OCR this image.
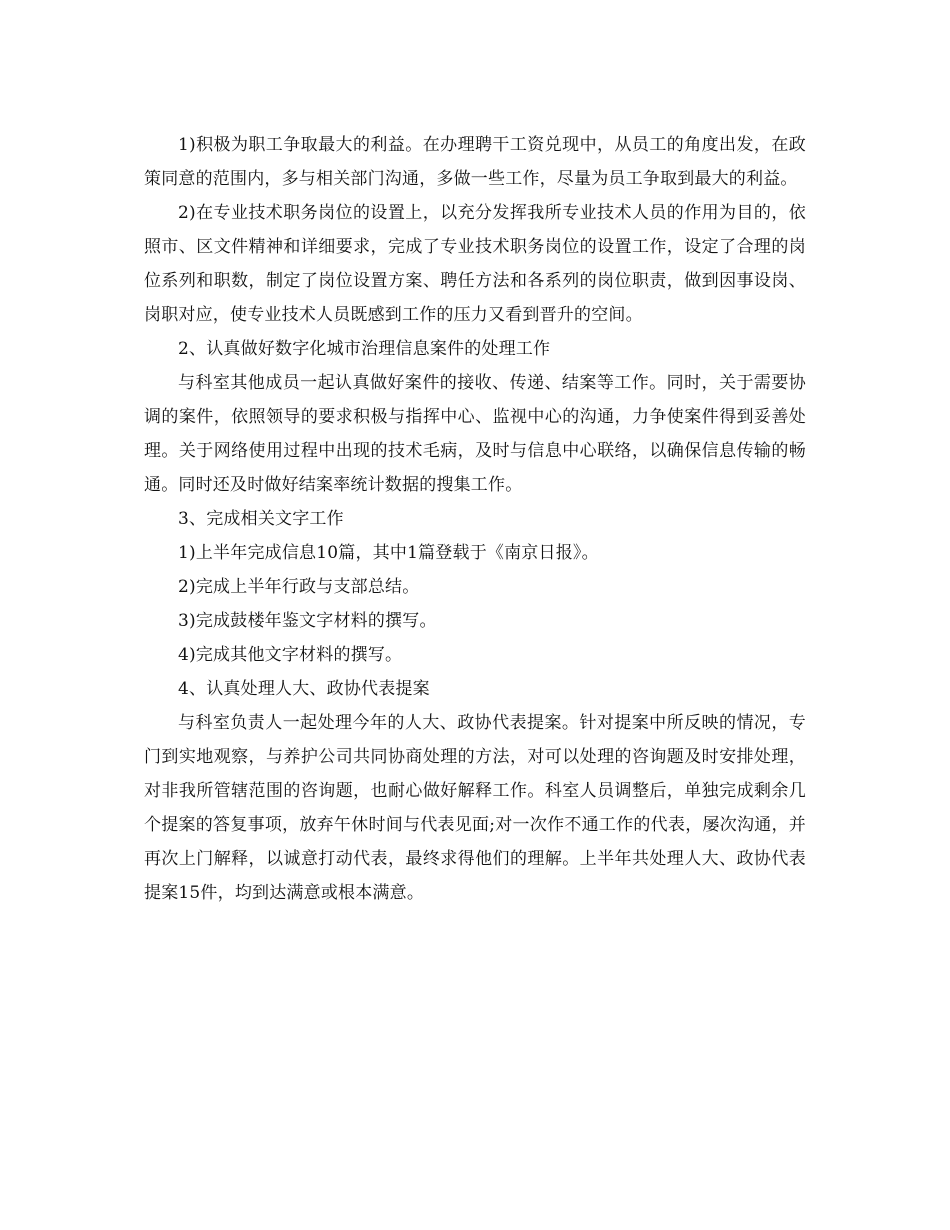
1)积极为职工争取最大的利益。在办理聘干工资兑现中，从员工的角度出发，在政策同意的范围内，多与相关部门沟通，多做一些工作，尽量为员工争取到最大的利益。

2)在专业技术职务岗位的设置上，以充分发挥我所专业技术人员的作用为目的，依照市、区文件精神和详细要求，完成了专业技术职务岗位的设置工作，设定了合理的岗位系列和职数，制定了岗位设置方案、聘任方法和各系列的岗位职责，做到因事设岗、岗职对应，使专业技术人员既感到工作的压力又看到晋升的空间。

2、认真做好数字化城市治理信息案件的处理工作

与科室其他成员一起认真做好案件的接收、传递、结案等工作。同时，关于需要协调的案件，依照领导的要求积极与指挥中心、监视中心的沟通，力争使案件得到妥善处理。关于网络使用过程中出现的技术毛病，及时与信息中心联络，以确保信息传输的畅通。同时还及时做好结案率统计数据的搜集工作。

3、完成相关文字工作

1)上半年完成信息10篇，其中1篇登载于《南京日报》。

2)完成上半年行政与支部总结。

3)完成鼓楼年鉴文字材料的撰写。

4)完成其他文字材料的撰写。

4、认真处理人大、政协代表提案

与科室负责人一起处理今年的人大、政协代表提案。针对提案中所反映的情况，专门到实地观察，与养护公司共同协商处理的方法，对可以处理的咨询题及时安排处理，对非我所管辖范围的咨询题，也耐心做好解释工作。科室人员调整后，单独完成剩余几个提案的答复事项，放弃午休时间与代表见面;对一次作不通工作的代表，屡次沟通，并再次上门解释，以诚意打动代表，最终求得他们的理解。上半年共处理人大、政协代表提案15件，均到达满意或根本满意。
